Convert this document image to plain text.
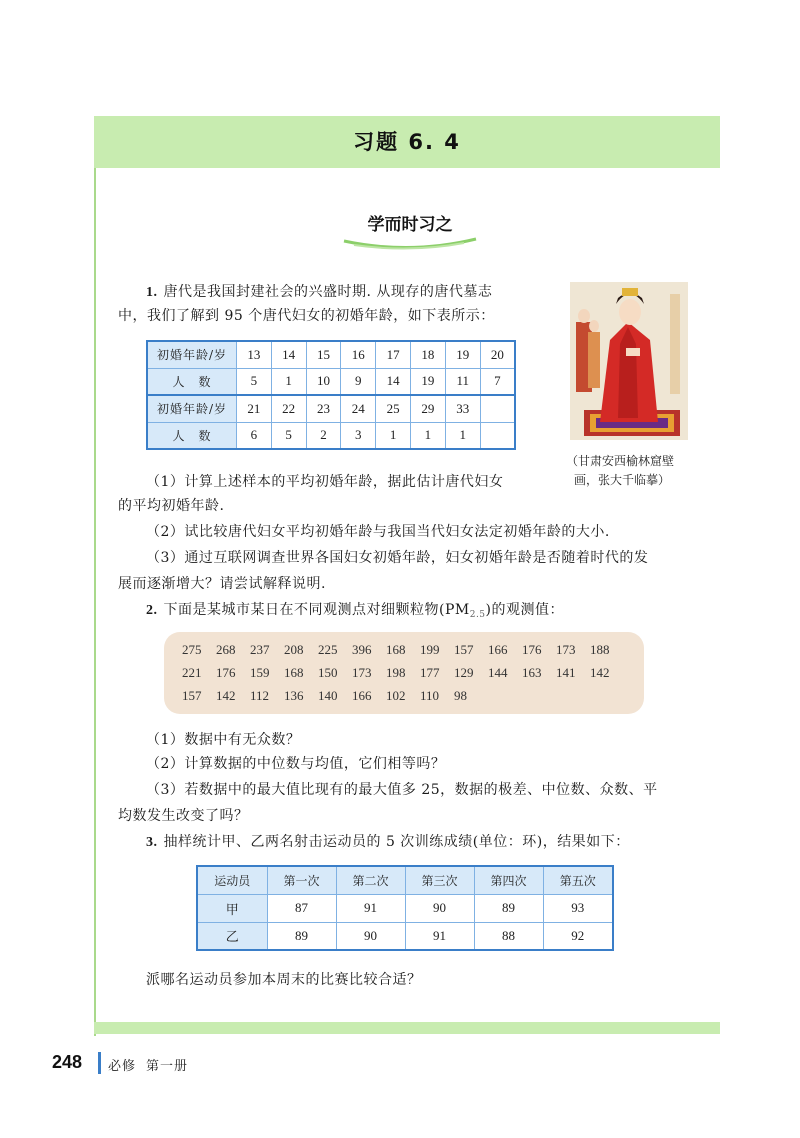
习题 6. 4
学而时习之
1. 唐代是我国封建社会的兴盛时期. 从现存的唐代墓志
中，我们了解到 95 个唐代妇女的初婚年龄，如下表所示：
初婚年龄/岁	13	14	15	16	17	18	19	20
人　数	5	1	10	9	14	19	11	7
初婚年龄/岁	21	22	23	24	25	29	33	
人　数	6	5	2	3	1	1	1	
（甘肃安西榆林窟壁
画，张大千临摹）
（1）计算上述样本的平均初婚年龄，据此估计唐代妇女
的平均初婚年龄.
（2）试比较唐代妇女平均初婚年龄与我国当代妇女法定初婚年龄的大小.
（3）通过互联网调查世界各国妇女初婚年龄，妇女初婚年龄是否随着时代的发
展而逐渐增大？请尝试解释说明.
2. 下面是某城市某日在不同观测点对细颗粒物$(PM_{2.5})$的观测值：
275	268	237	208	225	396	168	199	157	166	176	173	188
221	176	159	168	150	173	198	177	129	144	163	141	142
157	142	112	136	140	166	102	110	98
（1）数据中有无众数？
（2）计算数据的中位数与均值，它们相等吗？
（3）若数据中的最大值比现有的最大值多 25，数据的极差、中位数、众数、平
均数发生改变了吗？
3. 抽样统计甲、乙两名射击运动员的 5 次训练成绩(单位：环)，结果如下：
运动员	第一次	第二次	第三次	第四次	第五次
甲	87	91	90	89	93
乙	89	90	91	88	92
派哪名运动员参加本周末的比赛比较合适？
248 必修 第一册
